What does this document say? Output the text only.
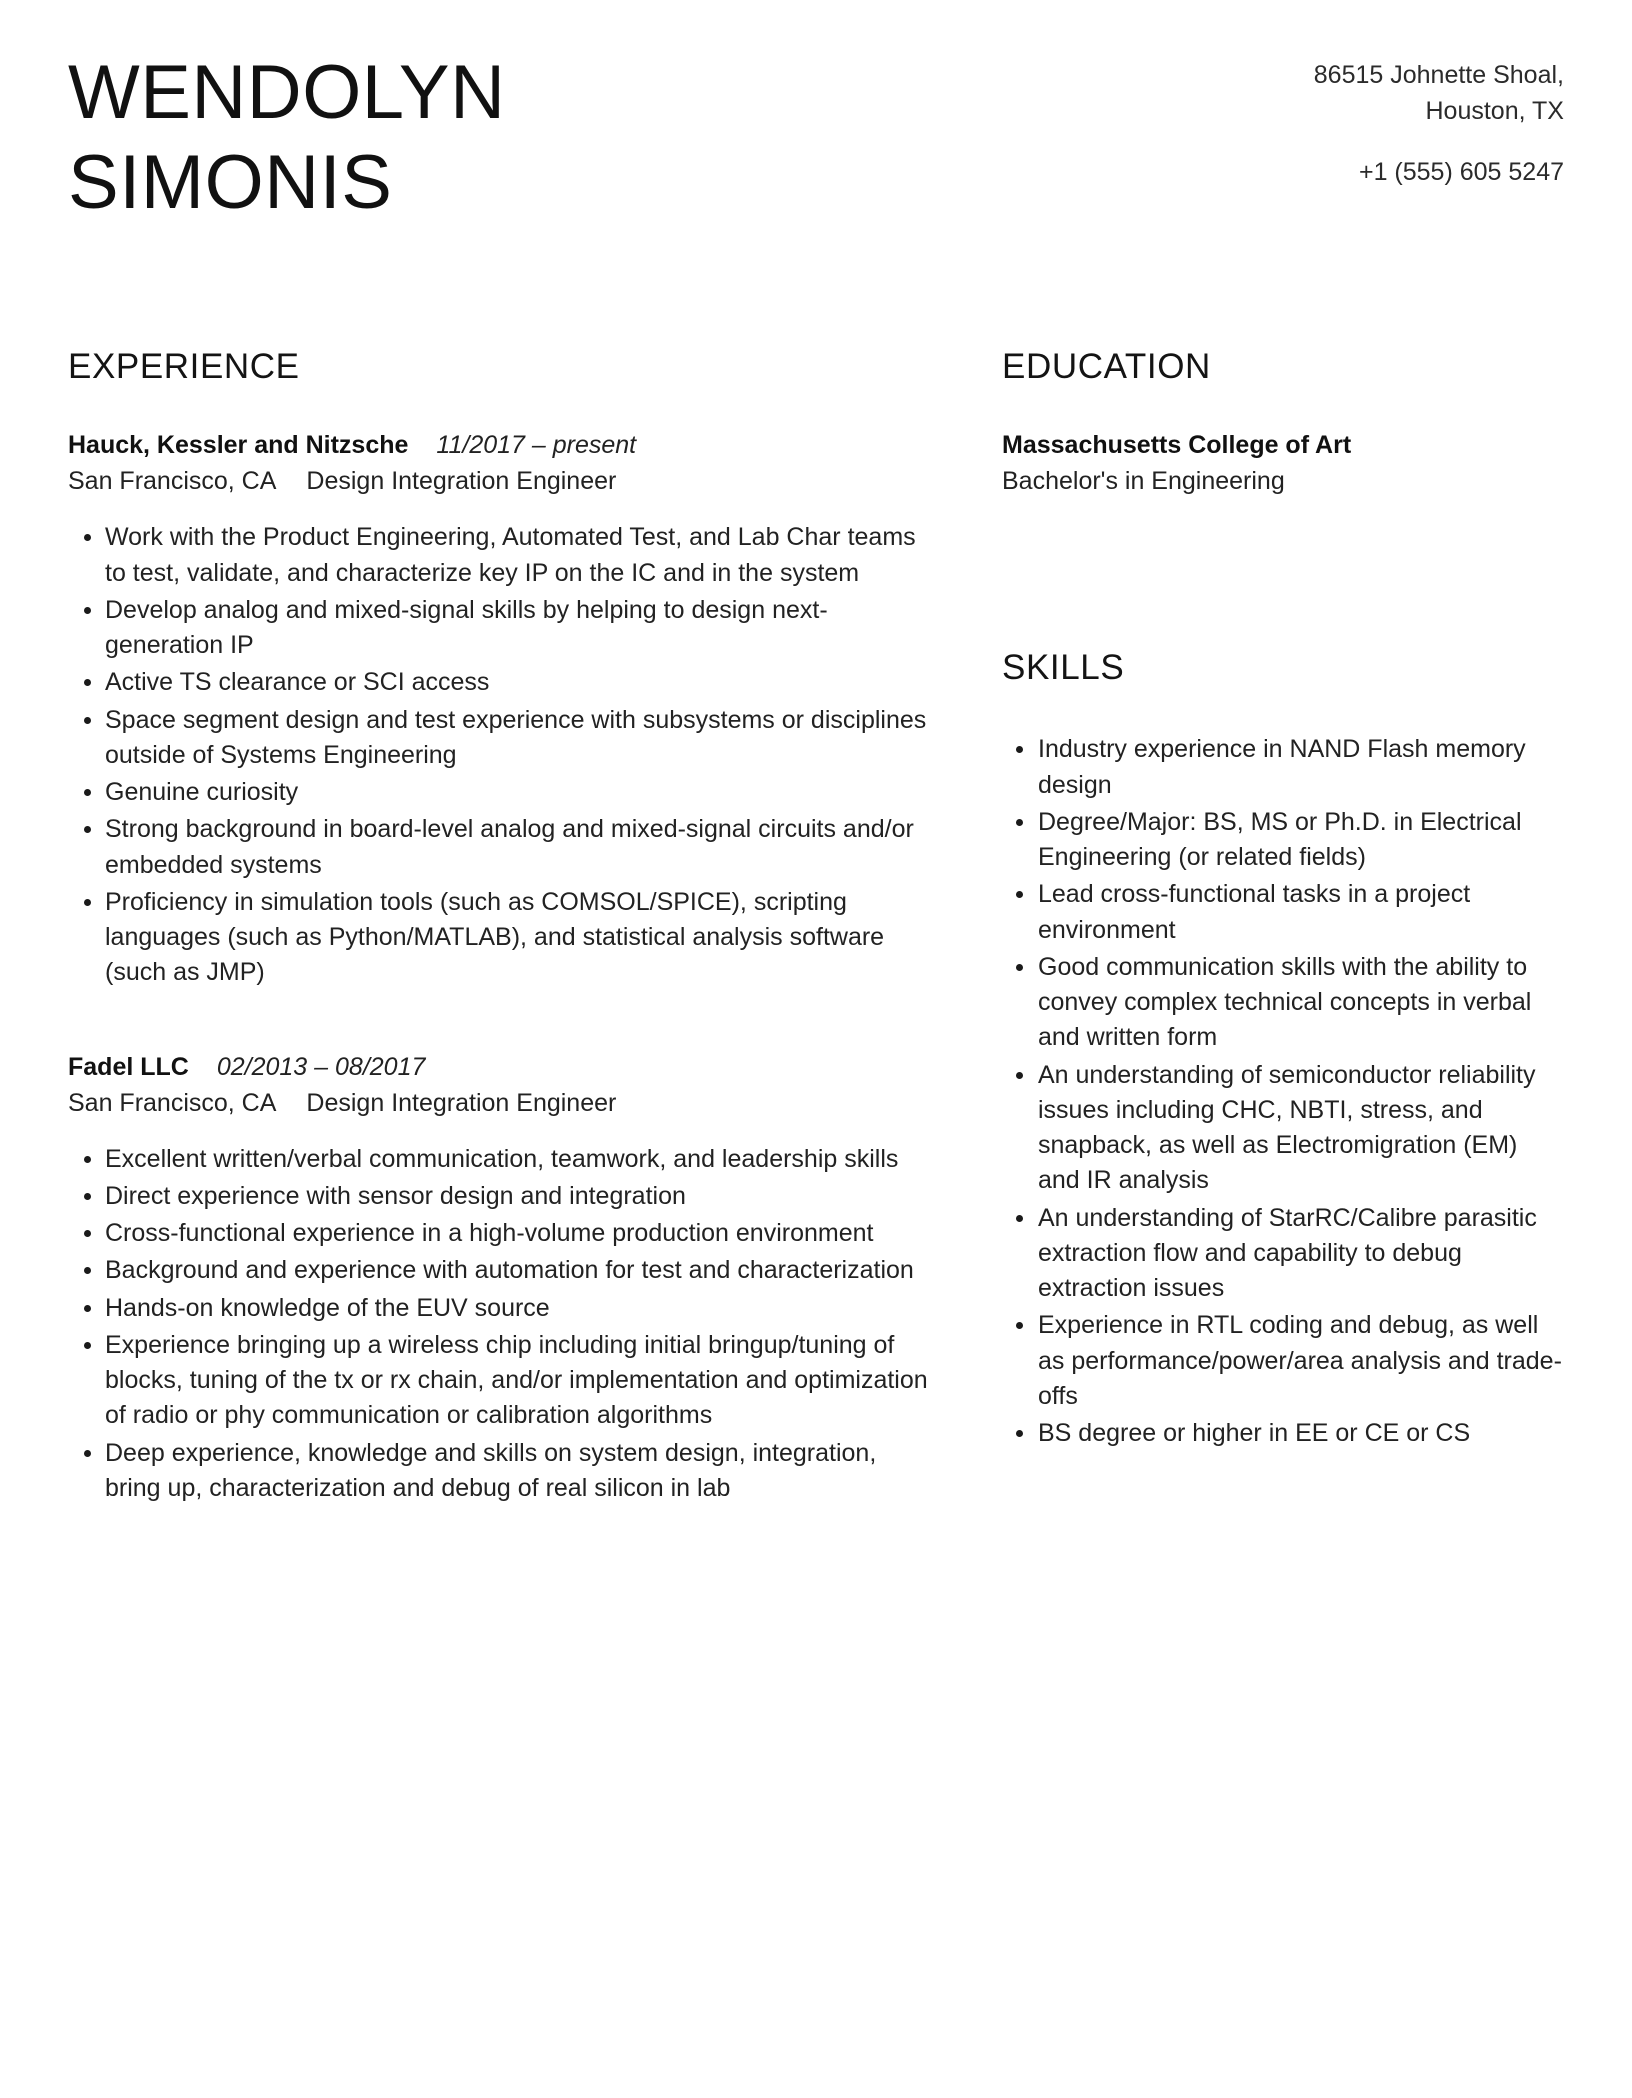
WENDOLYN
SIMONIS
86515 Johnette Shoal,
Houston, TX
+1 (555) 605 5247
EXPERIENCE
Hauck, Kessler and Nitzsche 11/2017 – present
San Francisco, CA Design Integration Engineer
Work with the Product Engineering, Automated Test, and Lab Char teams to test, validate, and characterize key IP on the IC and in the system
Develop analog and mixed-signal skills by helping to design next-generation IP
Active TS clearance or SCI access
Space segment design and test experience with subsystems or disciplines outside of Systems Engineering
Genuine curiosity
Strong background in board-level analog and mixed-signal circuits and/or embedded systems
Proficiency in simulation tools (such as COMSOL/SPICE), scripting languages (such as Python/MATLAB), and statistical analysis software (such as JMP)
Fadel LLC 02/2013 – 08/2017
San Francisco, CA Design Integration Engineer
Excellent written/verbal communication, teamwork, and leadership skills
Direct experience with sensor design and integration
Cross-functional experience in a high-volume production environment
Background and experience with automation for test and characterization
Hands-on knowledge of the EUV source
Experience bringing up a wireless chip including initial bringup/tuning of blocks, tuning of the tx or rx chain, and/or implementation and optimization of radio or phy communication or calibration algorithms
Deep experience, knowledge and skills on system design, integration, bring up, characterization and debug of real silicon in lab
EDUCATION
Massachusetts College of Art
Bachelor's in Engineering
SKILLS
Industry experience in NAND Flash memory design
Degree/Major: BS, MS or Ph.D. in Electrical Engineering (or related fields)
Lead cross-functional tasks in a project environment
Good communication skills with the ability to convey complex technical concepts in verbal and written form
An understanding of semiconductor reliability issues including CHC, NBTI, stress, and snapback, as well as Electromigration (EM) and IR analysis
An understanding of StarRC/Calibre parasitic extraction flow and capability to debug extraction issues
Experience in RTL coding and debug, as well as performance/power/area analysis and trade-offs
BS degree or higher in EE or CE or CS
